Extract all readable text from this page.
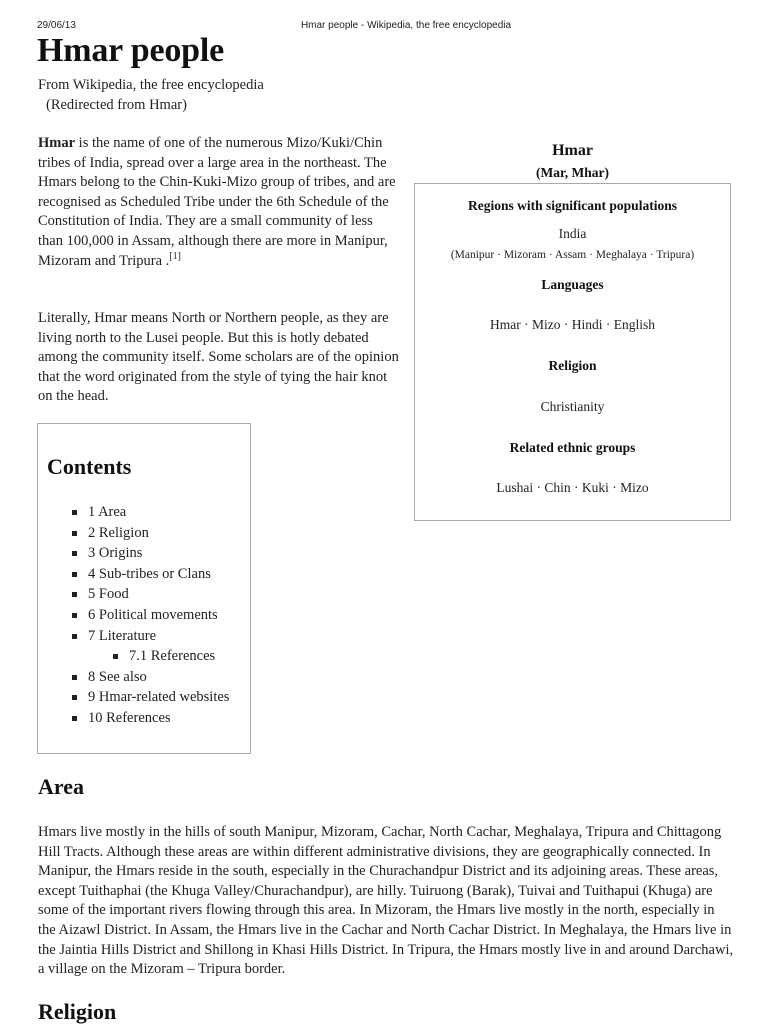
29/06/13	Hmar people - Wikipedia, the free encyclopedia
Hmar people
From Wikipedia, the free encyclopedia
(Redirected from Hmar)

Hmar is the name of one of the numerous Mizo/Kuki/Chin tribes of India, spread over a large area in the northeast. The Hmars belong to the Chin-Kuki-Mizo group of tribes, and are recognised as Scheduled Tribe under the 6th Schedule of the Constitution of India. They are a small community of less than 100,000 in Assam, although there are more in Manipur, Mizoram and Tripura .[1]

Literally, Hmar means North or Northern people, as they are living north to the Lusei people. But this is hotly debated among the community itself. Some scholars are of the opinion that the word originated from the style of tying the hair knot on the head.

Hmar
(Mar, Mhar)
Regions with significant populations
India
(Manipur · Mizoram · Assam · Meghalaya · Tripura)
Languages
Hmar · Mizo · Hindi · English
Religion
Christianity
Related ethnic groups
Lushai · Chin · Kuki · Mizo
Contents
1 Area
2 Religion
3 Origins
4 Sub-tribes or Clans
5 Food
6 Political movements
7 Literature
7.1 References
8 See also
9 Hmar-related websites
10 References
Area

Hmars live mostly in the hills of south Manipur, Mizoram, Cachar, North Cachar, Meghalaya, Tripura and Chittagong Hill Tracts. Although these areas are within different administrative divisions, they are geographically connected. In Manipur, the Hmars reside in the south, especially in the Churachandpur District and its adjoining areas. These areas, except Tuithaphai (the Khuga Valley/Churachandpur), are hilly. Tuiruong (Barak), Tuivai and Tuithapui (Khuga) are some of the important rivers flowing through this area. In Mizoram, the Hmars live mostly in the north, especially in the Aizawl District. In Assam, the Hmars live in the Cachar and North Cachar District. In Meghalaya, the Hmars live in the Jaintia Hills District and Shillong in Khasi Hills District. In Tripura, the Hmars mostly live in and around Darchawi, a village on the Mizoram – Tripura border.

Religion
